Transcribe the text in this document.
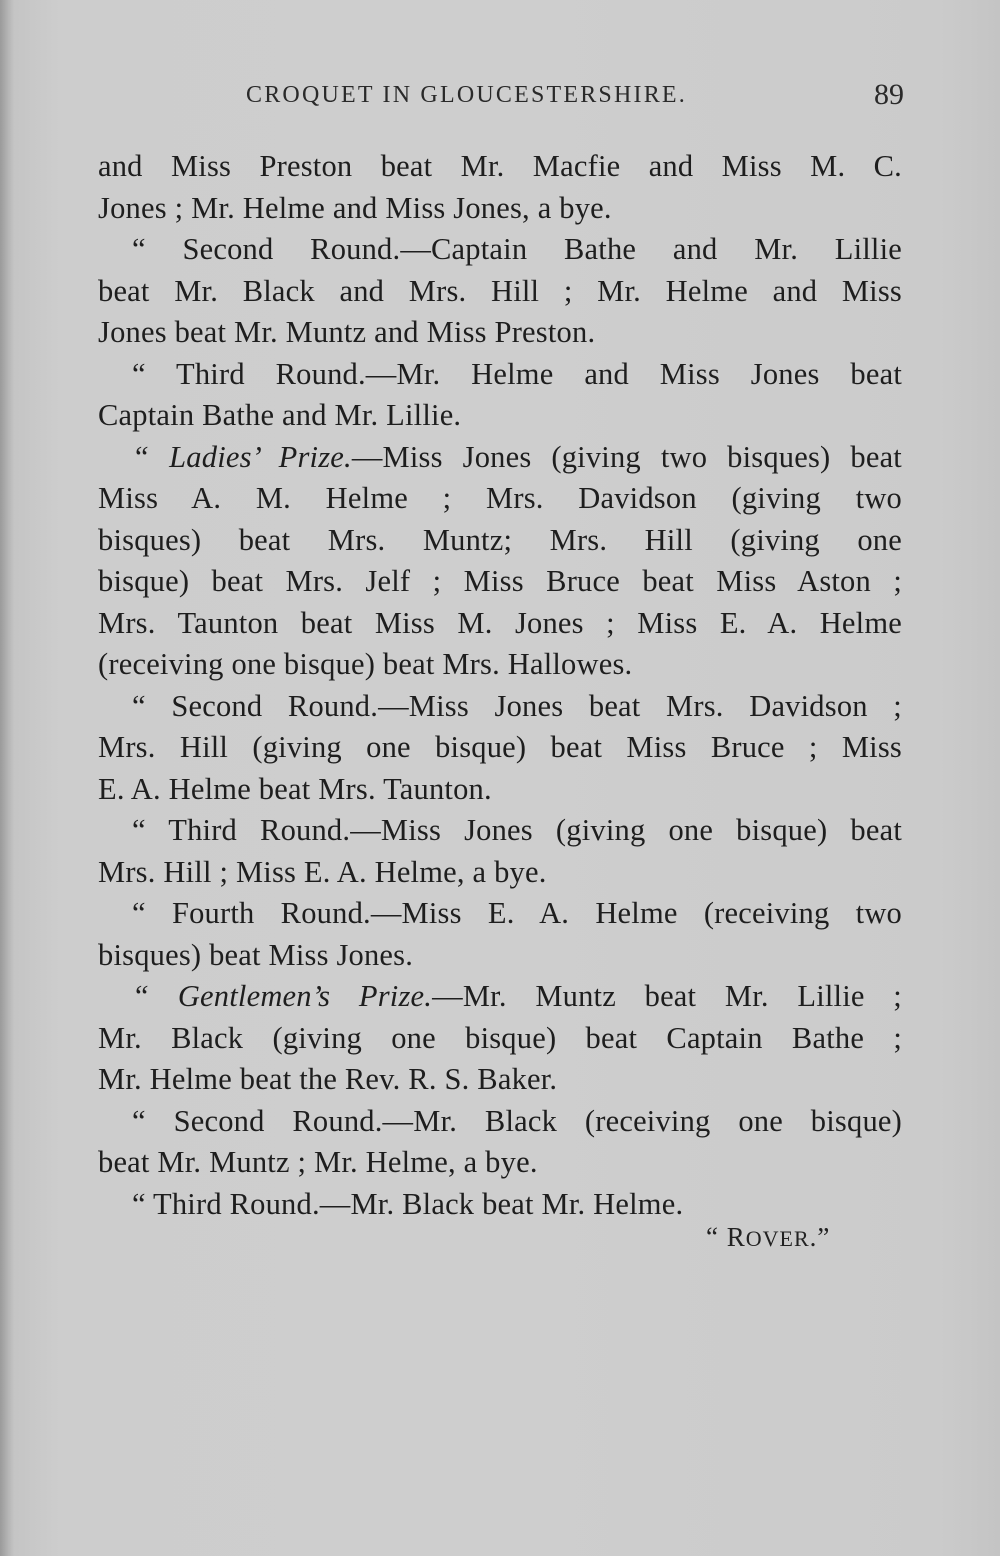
CROQUET IN GLOUCESTERSHIRE.	89
and Miss Preston beat Mr. Macfie and Miss M. C.
Jones ; Mr. Helme and Miss Jones, a bye.
“ Second Round.—Captain Bathe and Mr. Lillie
beat Mr. Black and Mrs. Hill ; Mr. Helme and Miss
Jones beat Mr. Muntz and Miss Preston.
“ Third Round.—Mr. Helme and Miss Jones beat
Captain Bathe and Mr. Lillie.
“ Ladies’ Prize.—Miss Jones (giving two bisques) beat
Miss A. M. Helme ; Mrs. Davidson (giving two
bisques) beat Mrs. Muntz; Mrs. Hill (giving one
bisque) beat Mrs. Jelf ; Miss Bruce beat Miss Aston ;
Mrs. Taunton beat Miss M. Jones ; Miss E. A. Helme
(receiving one bisque) beat Mrs. Hallowes.
“ Second Round.—Miss Jones beat Mrs. Davidson ;
Mrs. Hill (giving one bisque) beat Miss Bruce ; Miss
E. A. Helme beat Mrs. Taunton.
“ Third Round.—Miss Jones (giving one bisque) beat
Mrs. Hill ; Miss E. A. Helme, a bye.
“ Fourth Round.—Miss E. A. Helme (receiving two
bisques) beat Miss Jones.
“ Gentlemen’s Prize.—Mr. Muntz beat Mr. Lillie ;
Mr. Black (giving one bisque) beat Captain Bathe ;
Mr. Helme beat the Rev. R. S. Baker.
“ Second Round.—Mr. Black (receiving one bisque)
beat Mr. Muntz ; Mr. Helme, a bye.
“ Third Round.—Mr. Black beat Mr. Helme.
“ ROVER.”
